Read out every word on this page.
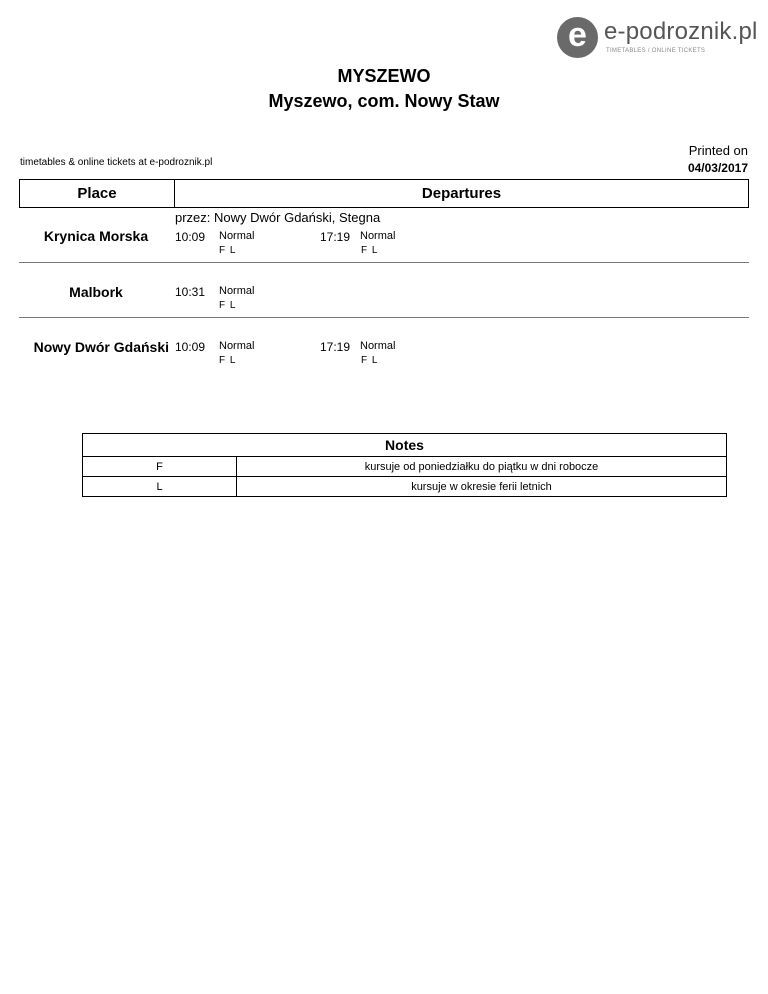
e e-podroznik.pl
TIMETABLES / ONLINE TICKETS
MYSZEWO
Myszewo, com. Nowy Staw
timetables & online tickets at e-podroznik.pl
Printed on
04/03/2017
Place	Departures
przez: Nowy Dwór Gdański, Stegna
Krynica Morska	10:09 Normal
F L
17:19 Normal
F L
Malbork	10:31 Normal
F L
Nowy Dwór Gdański 10:09 Normal
F L
17:19 Normal
F L
Notes	
F	kursuje od poniedziałku do piątku w dni robocze
L	kursuje w okresie ferii letnich
